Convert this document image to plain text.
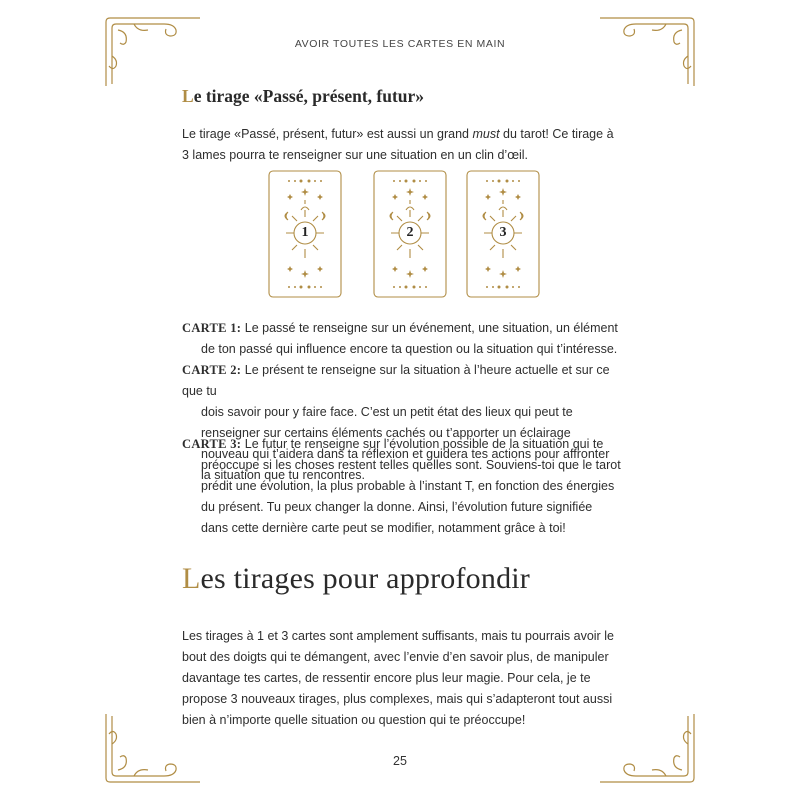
AVOIR TOUTES LES CARTES EN MAIN
Le tirage «Passé, présent, futur»

Le tirage «Passé, présent, futur» est aussi un grand must du tarot! Ce tirage à 3 lames pourra te renseigner sur une situation en un clin d’œil.

1	2	3

CARTE 1: Le passé te renseigne sur un événement, une situation, un élément
de ton passé qui influence encore ta question ou la situation qui t’intéresse.

CARTE 2: Le présent te renseigne sur la situation à l’heure actuelle et sur ce que tu
dois savoir pour y faire face. C’est un petit état des lieux qui peut te renseigner sur certains éléments cachés ou t’apporter un éclairage nouveau qui t’aidera dans ta réflexion et guidera tes actions pour affronter la situation que tu rencontres.

CARTE 3: Le futur te renseigne sur l’évolution possible de la situation qui te
préoccupe si les choses restent telles quelles sont. Souviens-toi que le tarot prédit une évolution, la plus probable à l’instant T, en fonction des énergies du présent. Tu peux changer la donne. Ainsi, l’évolution future signifiée dans cette dernière carte peut se modifier, notamment grâce à toi!

Les tirages pour approfondir

Les tirages à 1 et 3 cartes sont amplement suffisants, mais tu pourrais avoir le bout des doigts qui te démangent, avec l’envie d’en savoir plus, de manipuler davantage tes cartes, de ressentir encore plus leur magie. Pour cela, je te propose 3 nouveaux tirages, plus complexes, mais qui s’adapteront tout aussi bien à n’importe quelle situation ou question qui te préoccupe!

25
